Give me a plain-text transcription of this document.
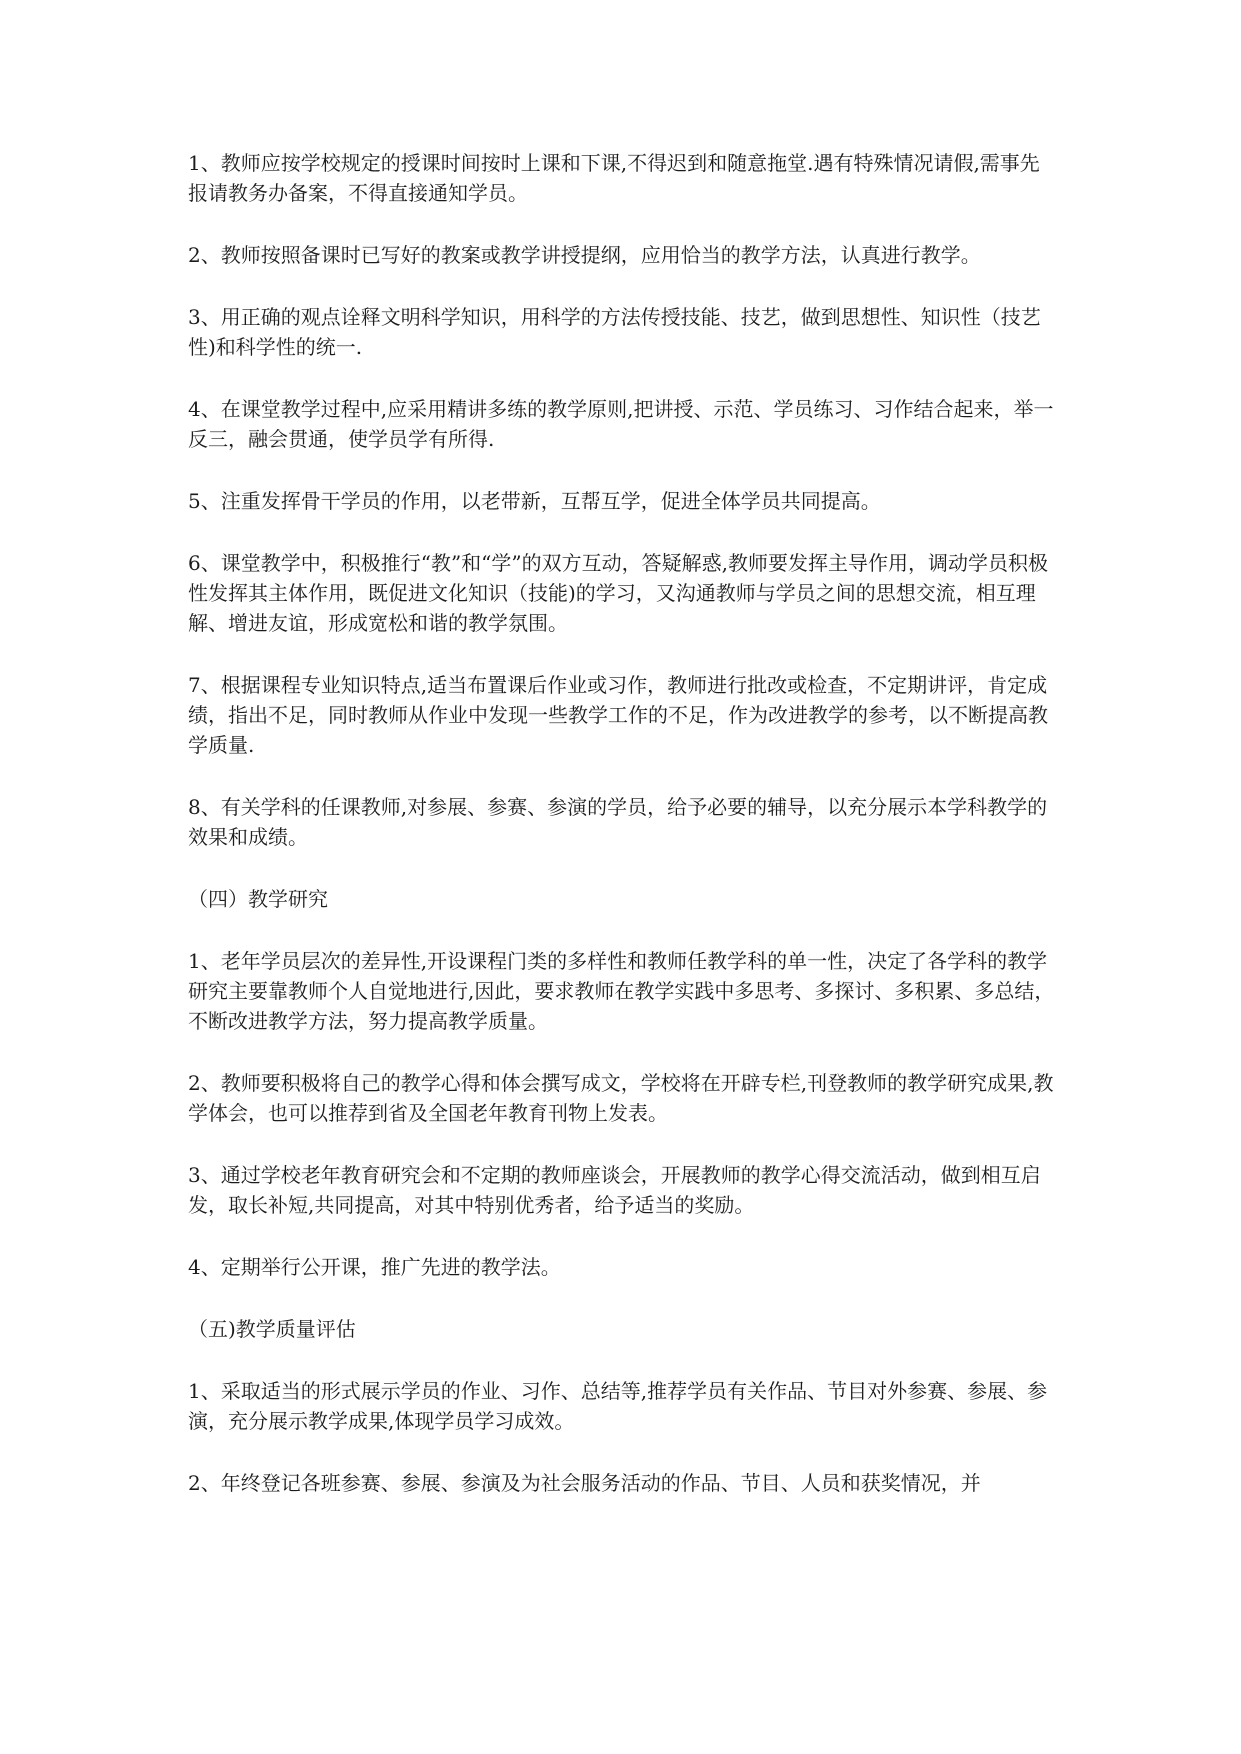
1、教师应按学校规定的授课时间按时上课和下课,不得迟到和随意拖堂.遇有特殊情况请假,需事先报请教务办备案，不得直接通知学员。

2、教师按照备课时已写好的教案或教学讲授提纲，应用恰当的教学方法，认真进行教学。

3、用正确的观点诠释文明科学知识，用科学的方法传授技能、技艺，做到思想性、知识性（技艺性)和科学性的统一.

4、在课堂教学过程中,应采用精讲多练的教学原则,把讲授、示范、学员练习、习作结合起来，举一反三，融会贯通，使学员学有所得.

5、注重发挥骨干学员的作用，以老带新，互帮互学，促进全体学员共同提高。

6、课堂教学中，积极推行“教”和“学”的双方互动，答疑解惑,教师要发挥主导作用，调动学员积极性发挥其主体作用，既促进文化知识（技能)的学习，又沟通教师与学员之间的思想交流，相互理解、增进友谊，形成宽松和谐的教学氛围。

7、根据课程专业知识特点,适当布置课后作业或习作，教师进行批改或检查，不定期讲评，肯定成绩，指出不足，同时教师从作业中发现一些教学工作的不足，作为改进教学的参考，以不断提高教学质量.

8、有关学科的任课教师,对参展、参赛、参演的学员，给予必要的辅导，以充分展示本学科教学的效果和成绩。

（四）教学研究

1、老年学员层次的差异性,开设课程门类的多样性和教师任教学科的单一性，决定了各学科的教学研究主要靠教师个人自觉地进行,因此，要求教师在教学实践中多思考、多探讨、多积累、多总结，不断改进教学方法，努力提高教学质量。

2、教师要积极将自己的教学心得和体会撰写成文，学校将在开辟专栏,刊登教师的教学研究成果,教学体会，也可以推荐到省及全国老年教育刊物上发表。

3、通过学校老年教育研究会和不定期的教师座谈会，开展教师的教学心得交流活动，做到相互启发，取长补短,共同提高，对其中特别优秀者，给予适当的奖励。

4、定期举行公开课，推广先进的教学法。

（五)教学质量评估

1、采取适当的形式展示学员的作业、习作、总结等,推荐学员有关作品、节目对外参赛、参展、参演，充分展示教学成果,体现学员学习成效。

2、年终登记各班参赛、参展、参演及为社会服务活动的作品、节目、人员和获奖情况，并
